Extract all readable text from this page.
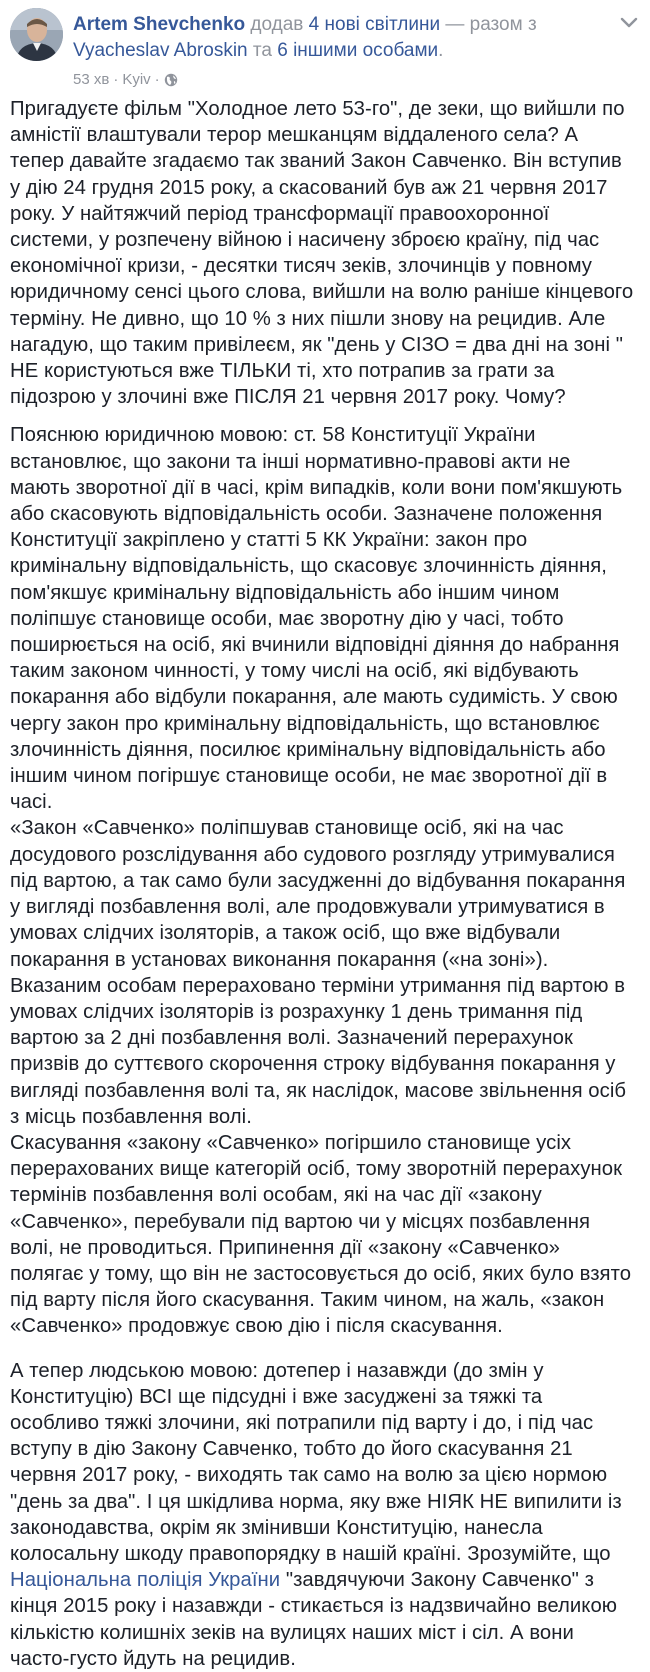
Artem Shevchenko додав 4 нові світлини — разом з Vyacheslav Abroskin та 6 іншими особами.
53 хв · Kyiv ·

Пригадуєте фільм "Холодное лето 53-го", де зеки, що вийшли по амністії влаштували терор мешканцям віддаленого села? А тепер давайте згадаємо так званий Закон Савченко. Він вступив у дію 24 грудня 2015 року, а скасований був аж 21 червня 2017 року. У найтяжчий період трансформації правоохоронної системи, у розпечену війною і насичену зброєю країну, під час економічної кризи, - десятки тисяч зеків, злочинців у повному юридичному сенсі цього слова, вийшли на волю раніше кінцевого терміну. Не дивно, що 10 % з них пішли знову на рецидив. Але нагадую, що таким привілеєм, як "день у СІЗО = два дні на зоні " НЕ користуються вже ТІЛЬКИ ті, хто потрапив за грати за підозрою у злочині вже ПІСЛЯ 21 червня 2017 року. Чому?

Пояснюю юридичною мовою: ст. 58 Конституції України встановлює, що закони та інші нормативно-правові акти не мають зворотної дії в часі, крім випадків, коли вони пом'якшують або скасовують відповідальність особи. Зазначене положення Конституції закріплено у статті 5 КК України: закон про кримінальну відповідальність, що скасовує злочинність діяння, пом'якшує кримінальну відповідальність або іншим чином поліпшує становище особи, має зворотну дію у часі, тобто поширюється на осіб, які вчинили відповідні діяння до набрання таким законом чинності, у тому числі на осіб, які відбувають покарання або відбули покарання, але мають судимість. У свою чергу закон про кримінальну відповідальність, що встановлює злочинність діяння, посилює кримінальну відповідальність або іншим чином погіршує становище особи, не має зворотної дії в часі.

«Закон «Савченко» поліпшував становище осіб, які на час досудового розслідування або судового розгляду утримувалися під вартою, а так само були засудженні до відбування покарання у вигляді позбавлення волі, але продовжували утримуватися в умовах слідчих ізоляторів, а також осіб, що вже відбували покарання в установах виконання покарання («на зоні»). Вказаним особам перераховано терміни утримання під вартою в умовах слідчих ізоляторів із розрахунку 1 день тримання під вартою за 2 дні позбавлення волі. Зазначений перерахунок призвів до суттєвого скорочення строку відбування покарання у вигляді позбавлення волі та, як наслідок, масове звільнення осіб з місць позбавлення волі.

Скасування «закону «Савченко» погіршило становище усіх перерахованих вище категорій осіб, тому зворотній перерахунок термінів позбавлення волі особам, які на час дії «закону «Савченко», перебували під вартою чи у місцях позбавлення волі, не проводиться. Припинення дії «закону «Савченко» полягає у тому, що він не застосовується до осіб, яких було взято під варту після його скасування. Таким чином, на жаль, «закон «Савченко» продовжує свою дію і після скасування.

А тепер людською мовою: дотепер і назавжди (до змін у Конституцію) ВСІ ще підсудні і вже засуджені за тяжкі та особливо тяжкі злочини, які потрапили під варту і до, і під час вступу в дію Закону Савченко, тобто до його скасування 21 червня 2017 року, - виходять так само на волю за цією нормою "день за два". І ця шкідлива норма, яку вже НІЯК НЕ випилити із законодавства, окрім як змінивши Конституцію, нанесла колосальну шкоду правопорядку в нашій країні. Зрозумійте, що Національна поліція України "завдячуючи Закону Савченко" з кінця 2015 року і назавжди - стикається із надзвичайно великою кількістю колишніх зеків на вулицях наших міст і сіл. А вони часто-густо йдуть на рецидив.
